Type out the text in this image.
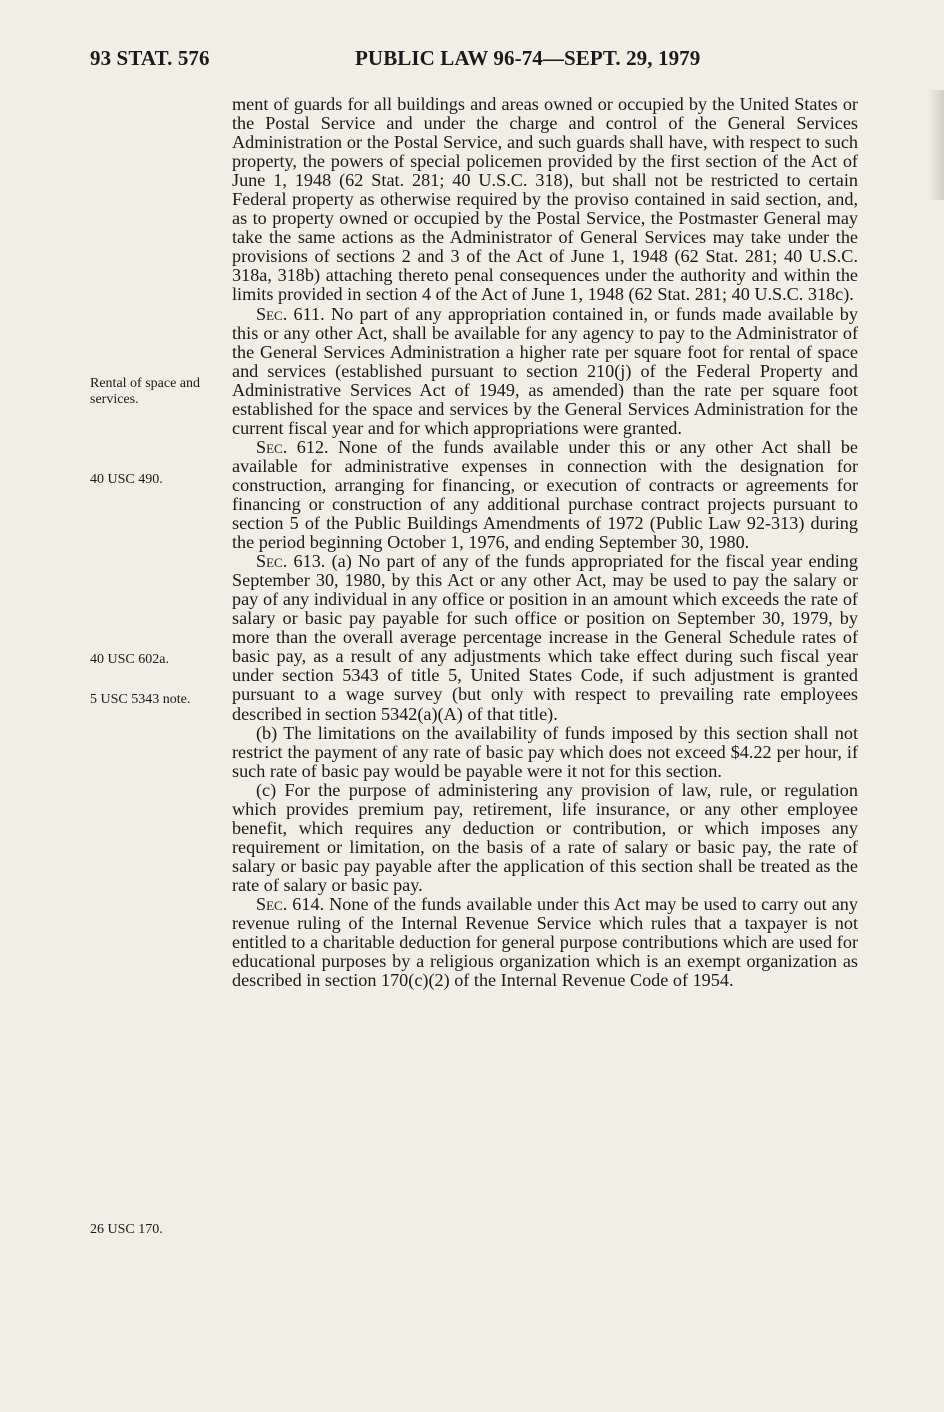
93 STAT. 576	PUBLIC LAW 96-74—SEPT. 29, 1979
Rental of space and services.
40 USC 490.
40 USC 602a.
5 USC 5343 note.
26 USC 170.

ment of guards for all buildings and areas owned or occupied by the United States or the Postal Service and under the charge and control of the General Services Administration or the Postal Service, and such guards shall have, with respect to such property, the powers of special policemen provided by the first section of the Act of June 1, 1948 (62 Stat. 281; 40 U.S.C. 318), but shall not be restricted to certain Federal property as otherwise required by the proviso contained in said section, and, as to property owned or occupied by the Postal Service, the Postmaster General may take the same actions as the Administrator of General Services may take under the provisions of sections 2 and 3 of the Act of June 1, 1948 (62 Stat. 281; 40 U.S.C. 318a, 318b) attaching thereto penal consequences under the authority and within the limits provided in section 4 of the Act of June 1, 1948 (62 Stat. 281; 40 U.S.C. 318c).

Sec. 611. No part of any appropriation contained in, or funds made available by this or any other Act, shall be available for any agency to pay to the Administrator of the General Services Administration a higher rate per square foot for rental of space and services (established pursuant to section 210(j) of the Federal Property and Administrative Services Act of 1949, as amended) than the rate per square foot established for the space and services by the General Services Administration for the current fiscal year and for which appropriations were granted.

Sec. 612. None of the funds available under this or any other Act shall be available for administrative expenses in connection with the designation for construction, arranging for financing, or execution of contracts or agreements for financing or construction of any additional purchase contract projects pursuant to section 5 of the Public Buildings Amendments of 1972 (Public Law 92-313) during the period beginning October 1, 1976, and ending September 30, 1980.

Sec. 613. (a) No part of any of the funds appropriated for the fiscal year ending September 30, 1980, by this Act or any other Act, may be used to pay the salary or pay of any individual in any office or position in an amount which exceeds the rate of salary or basic pay payable for such office or position on September 30, 1979, by more than the overall average percentage increase in the General Schedule rates of basic pay, as a result of any adjustments which take effect during such fiscal year under section 5343 of title 5, United States Code, if such adjustment is granted pursuant to a wage survey (but only with respect to prevailing rate employees described in section 5342(a)(A) of that title).

(b) The limitations on the availability of funds imposed by this section shall not restrict the payment of any rate of basic pay which does not exceed $4.22 per hour, if such rate of basic pay would be payable were it not for this section.

(c) For the purpose of administering any provision of law, rule, or regulation which provides premium pay, retirement, life insurance, or any other employee benefit, which requires any deduction or contribution, or which imposes any requirement or limitation, on the basis of a rate of salary or basic pay, the rate of salary or basic pay payable after the application of this section shall be treated as the rate of salary or basic pay.

Sec. 614. None of the funds available under this Act may be used to carry out any revenue ruling of the Internal Revenue Service which rules that a taxpayer is not entitled to a charitable deduction for general purpose contributions which are used for educational purposes by a religious organization which is an exempt organization as described in section 170(c)(2) of the Internal Revenue Code of 1954.
